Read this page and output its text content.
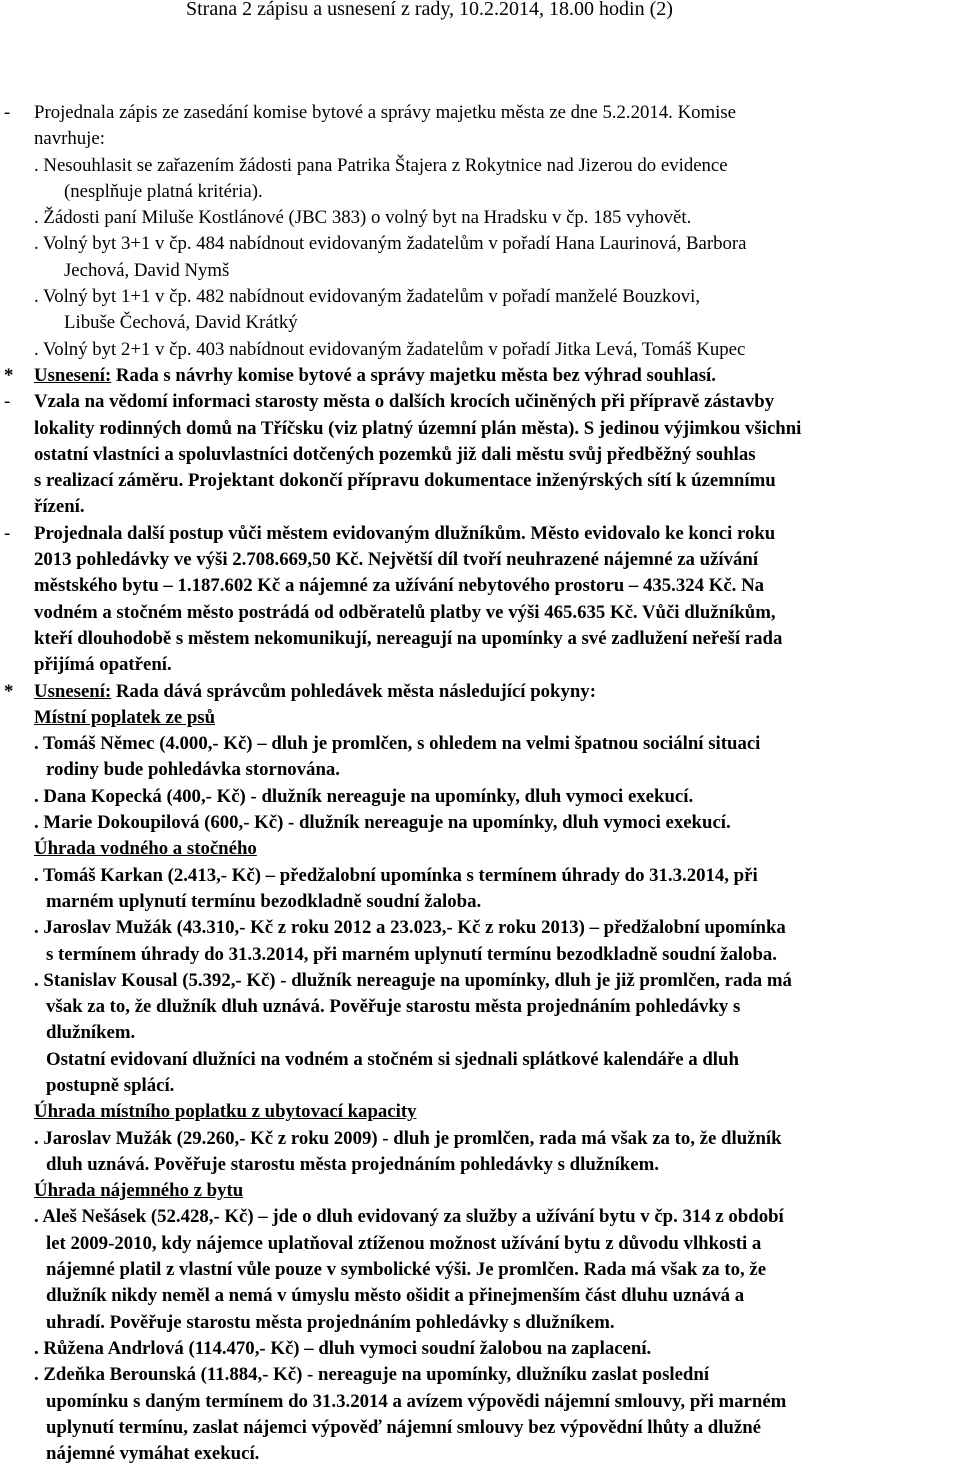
Strana 2 zápisu a usnesení z rady, 10.2.2014, 18.00 hodin (2)
- Projednala zápis ze zasedání komise bytové a správy majetku města ze dne 5.2.2014. Komise
navrhuje:
. Nesouhlasit se zařazením žádosti pana Patrika Štajera z Rokytnice nad Jizerou do evidence
(nesplňuje platná kritéria).
. Žádosti paní Miluše Kostlánové (JBC 383) o volný byt na Hradsku v čp. 185 vyhovět.
. Volný byt 3+1 v čp. 484 nabídnout evidovaným žadatelům v pořadí Hana Laurinová, Barbora
Jechová, David Nymš
. Volný byt 1+1 v čp. 482 nabídnout evidovaným žadatelům v pořadí manželé Bouzkovi,
Libuše Čechová, David Krátký
. Volný byt 2+1 v čp. 403 nabídnout evidovaným žadatelům v pořadí Jitka Levá, Tomáš Kupec
* Usnesení: Rada s návrhy komise bytové a správy majetku města bez výhrad souhlasí.
- Vzala na vědomí informaci starosty města o dalších krocích učiněných při přípravě zástavby
lokality rodinných domů na Tříčsku (viz platný územní plán města). S jedinou výjimkou všichni
ostatní vlastníci a spoluvlastníci dotčených pozemků již dali městu svůj předběžný souhlas
s realizací záměru. Projektant dokončí přípravu dokumentace inženýrských sítí k územnímu
řízení.
- Projednala další postup vůči městem evidovaným dlužníkům. Město evidovalo ke konci roku
2013 pohledávky ve výši 2.708.669,50 Kč. Největší díl tvoří neuhrazené nájemné za užívání
městského bytu – 1.187.602 Kč a nájemné za užívání nebytového prostoru – 435.324 Kč. Na
vodném a stočném město postrádá od odběratelů platby ve výši 465.635 Kč. Vůči dlužníkům,
kteří dlouhodobě s městem nekomunikují, nereagují na upomínky a své zadlužení neřeší rada
přijímá opatření.
* Usnesení: Rada dává správcům pohledávek města následující pokyny:
Místní poplatek ze psů
. Tomáš Němec (4.000,- Kč) – dluh je promlčen, s ohledem na velmi špatnou sociální situaci
rodiny bude pohledávka stornována.
. Dana Kopecká (400,- Kč) - dlužník nereaguje na upomínky, dluh vymoci exekucí.
. Marie Dokoupilová (600,- Kč) - dlužník nereaguje na upomínky, dluh vymoci exekucí.
Úhrada vodného a stočného
. Tomáš Karkan (2.413,- Kč) – předžalobní upomínka s termínem úhrady do 31.3.2014, při
marném uplynutí termínu bezodkladně soudní žaloba.
. Jaroslav Mužák (43.310,- Kč z roku 2012 a 23.023,- Kč z roku 2013) – předžalobní upomínka
s termínem úhrady do 31.3.2014, při marném uplynutí termínu bezodkladně soudní žaloba.
. Stanislav Kousal (5.392,- Kč) - dlužník nereaguje na upomínky, dluh je již promlčen, rada má
však za to, že dlužník dluh uznává. Pověřuje starostu města projednáním pohledávky s
dlužníkem.
Ostatní evidovaní dlužníci na vodném a stočném si sjednali splátkové kalendáře a dluh
postupně splácí.
Úhrada místního poplatku z ubytovací kapacity
. Jaroslav Mužák (29.260,- Kč z roku 2009) - dluh je promlčen, rada má však za to, že dlužník
dluh uznává. Pověřuje starostu města projednáním pohledávky s dlužníkem.
Úhrada nájemného z bytu
. Aleš Nešásek (52.428,- Kč) – jde o dluh evidovaný za služby a užívání bytu v čp. 314 z období
let 2009-2010, kdy nájemce uplatňoval ztíženou možnost užívání bytu z důvodu vlhkosti a
nájemné platil z vlastní vůle pouze v symbolické výši. Je promlčen. Rada má však za to, že
dlužník nikdy neměl a nemá v úmyslu město ošidit a přinejmenším část dluhu uznává a
uhradí. Pověřuje starostu města projednáním pohledávky s dlužníkem.
. Růžena Andrlová (114.470,- Kč) – dluh vymoci soudní žalobou na zaplacení.
. Zdeňka Berounská (11.884,- Kč) - nereaguje na upomínky, dlužníku zaslat poslední
upomínku s daným termínem do 31.3.2014 a avízem výpovědi nájemní smlouvy, při marném
uplynutí termínu, zaslat nájemci výpověď nájemní smlouvy bez výpovědní lhůty a dlužné
nájemné vymáhat exekucí.
